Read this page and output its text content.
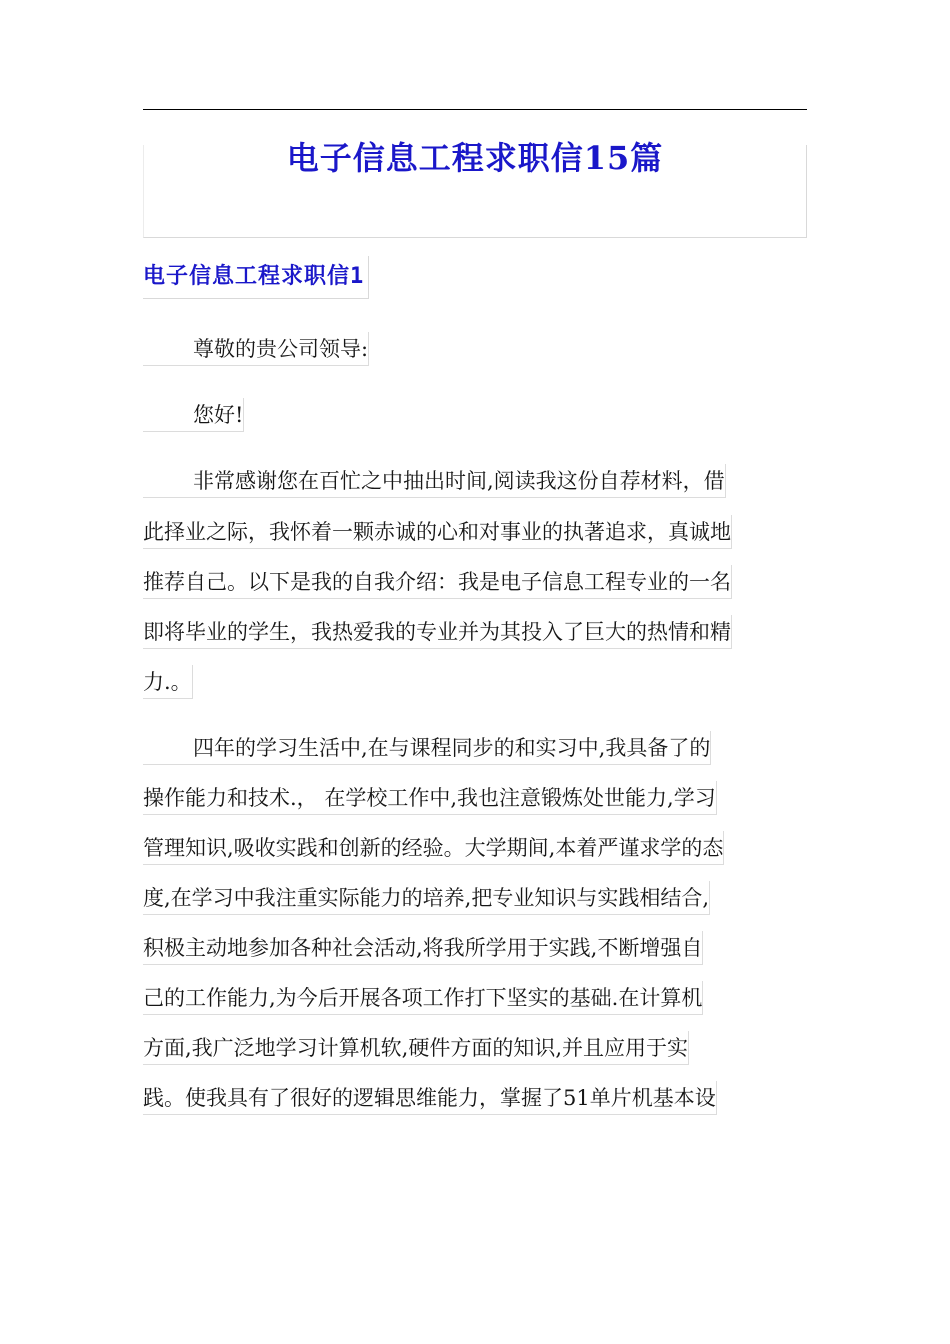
电子信息工程求职信15篇
电子信息工程求职信1
尊敬的贵公司领导:
您好!
非常感谢您在百忙之中抽出时间,阅读我这份自荐材料，借
此择业之际，我怀着一颗赤诚的心和对事业的执著追求，真诚地
推荐自己。以下是我的自我介绍：我是电子信息工程专业的一名
即将毕业的学生，我热爱我的专业并为其投入了巨大的热情和精
力.。
四年的学习生活中,在与课程同步的和实习中,我具备了的
操作能力和技术.， 在学校工作中,我也注意锻炼处世能力,学习
管理知识,吸收实践和创新的经验。大学期间,本着严谨求学的态
度,在学习中我注重实际能力的培养,把专业知识与实践相结合,
积极主动地参加各种社会活动,将我所学用于实践,不断增强自
己的工作能力,为今后开展各项工作打下坚实的基础.在计算机
方面,我广泛地学习计算机软,硬件方面的知识,并且应用于实
践。使我具有了很好的逻辑思维能力，掌握了51单片机基本设
